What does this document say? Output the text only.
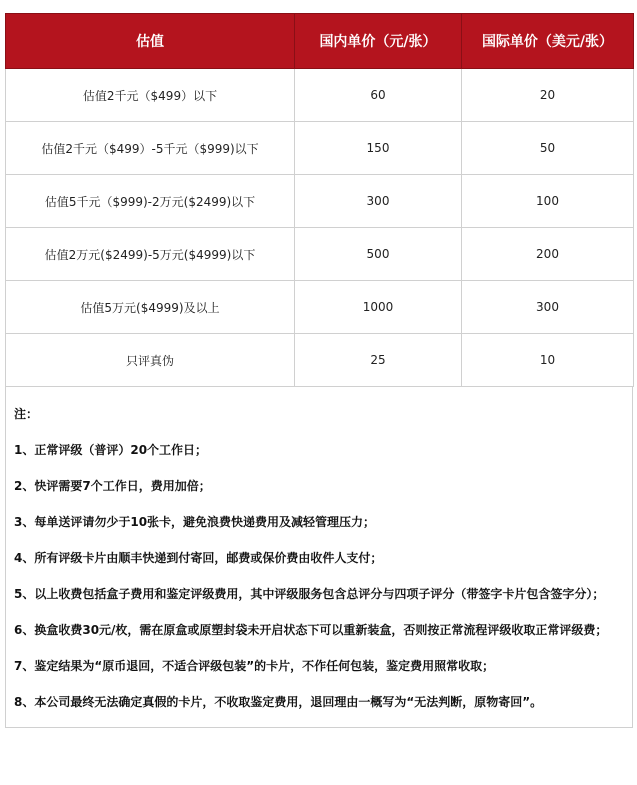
估值	国内单价（元/张）	国际单价（美元/张）
估值2千元（$499）以下	60	20
估值2千元（$499）-5千元（$999)以下	150	50
估值5千元（$999)-2万元($2499)以下	300	100
估值2万元($2499)-5万元($4999)以下	500	200
估值5万元($4999)及以上	1000	300
只评真伪	25	10
注：
1、正常评级（普评）20个工作日；
2、快评需要7个工作日，费用加倍；
3、每单送评请勿少于10张卡，避免浪费快递费用及减轻管理压力；
4、所有评级卡片由顺丰快递到付寄回，邮费或保价费由收件人支付；
5、以上收费包括盒子费用和鉴定评级费用，其中评级服务包含总评分与四项子评分（带签字卡片包含签字分）；
6、换盒收费30元/枚，需在原盒或原塑封袋未开启状态下可以重新装盒，否则按正常流程评级收取正常评级费；
7、鉴定结果为“原币退回，不适合评级包装”的卡片，不作任何包装，鉴定费用照常收取；
8、本公司最终无法确定真假的卡片，不收取鉴定费用，退回理由一概写为“无法判断，原物寄回”。
